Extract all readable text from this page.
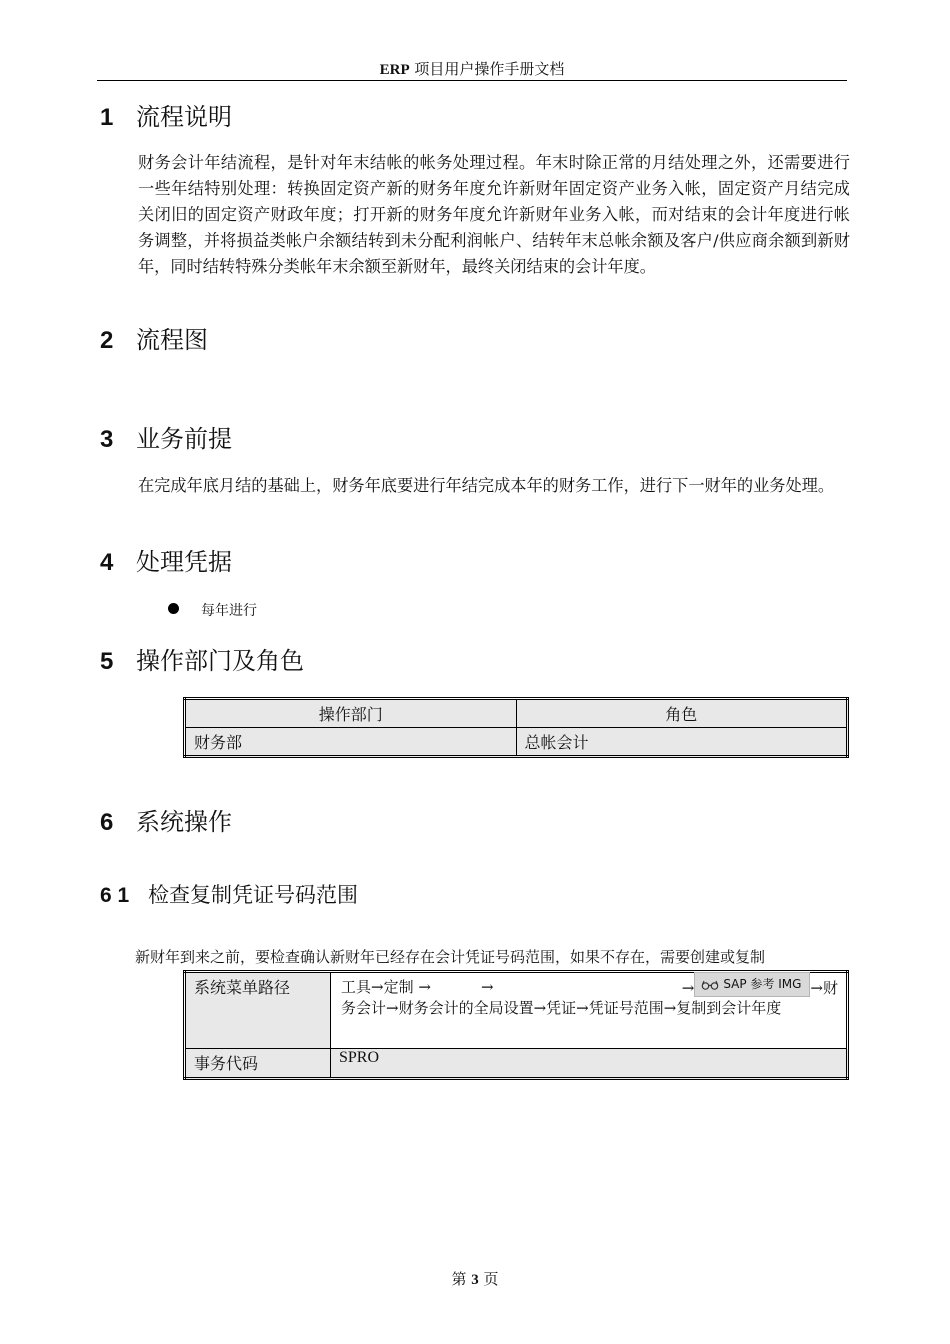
ERP 项目用户操作手册文档
1 流程说明
财务会计年结流程，是针对年末结帐的帐务处理过程。年末时除正常的月结处理之外，还需要进行一些年结特别处理：转换固定资产新的财务年度允许新财年固定资产业务入帐，固定资产月结完成关闭旧的固定资产财政年度；打开新的财务年度允许新财年业务入帐，而对结束的会计年度进行帐务调整，并将损益类帐户余额结转到未分配利润帐户、结转年末总帐余额及客户/供应商余额到新财年，同时结转特殊分类帐年末余额至新财年，最终关闭结束的会计年度。
2 流程图
3 业务前提
在完成年底月结的基础上，财务年底要进行年结完成本年的财务工作，进行下一财年的业务处理。
4 处理凭据
每年进行
5 操作部门及角色
操作部门	角色
财务部	总帐会计
6 系统操作
6 1 检查复制凭证号码范围
新财年到来之前，要检查确认新财年已经存在会计凭证号码范围，如果不存在，需要创建或复制
系统菜单路径	工具→定制 → → → SAP 参考 IMG →财
务会计→财务会计的全局设置→凭证→凭证号范围→复制到会计年度

事务代码	SPRO
第 3 页
